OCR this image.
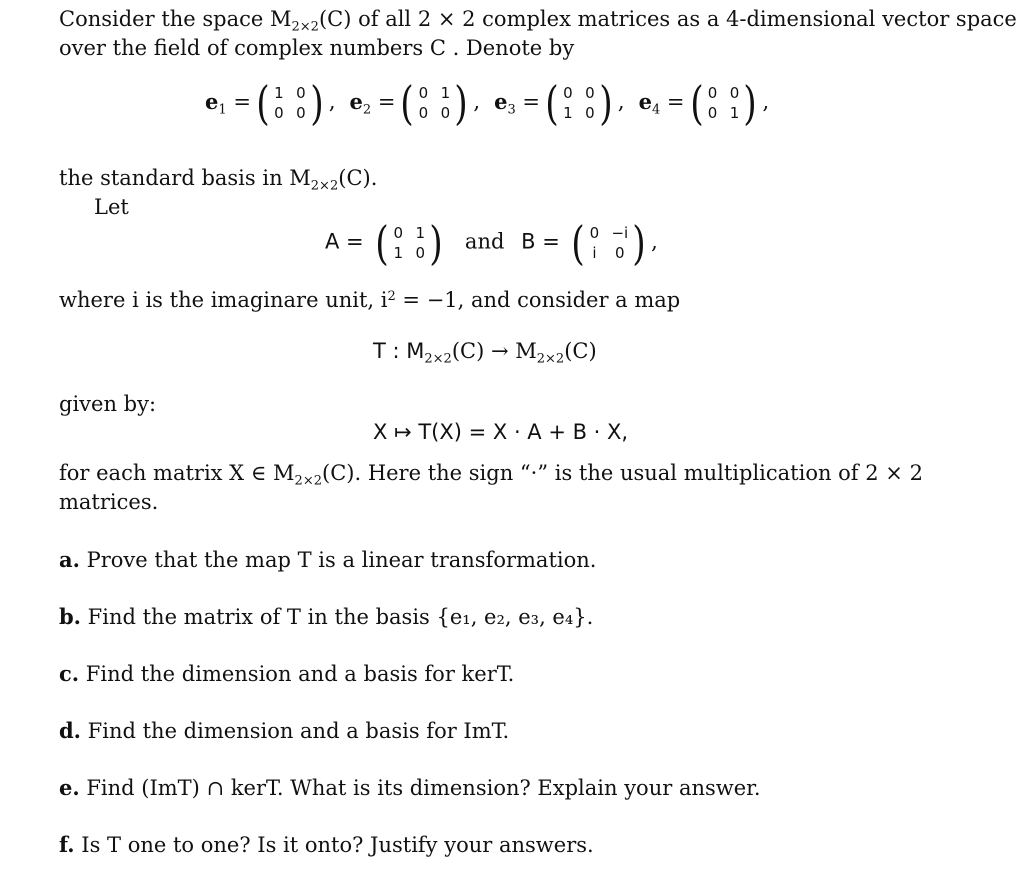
Consider the space $M_{2\times 2}(C)$ of all 2 × 2 complex matrices as a 4-dimensional vector space
over the field of complex numbers C . Denote by
$e_1$ = ( 1 0
0 0 ) , $e_2$ = ( 0 1
0 0 ) , $e_3$ = ( 0 0
1 0 ) , $e_4$ = ( 0 0
0 1 ) ,
the standard basis in $M_{2\times 2}(C)$.
Let
A = ( 0 1
1 0 ) and B = ( 0 −i
i 0 ) ,
where i is the imaginare unit, $i^2 = -1$, and consider a map
T : $M_{2\times 2}(C) \to M_{2\times 2}(C)$
given by:
X ↦ T(X) = X · A + B · X,
for each matrix X ∈ $M_{2\times 2}(C)$. Here the sign “·” is the usual multiplication of 2 × 2
matrices.
a. Prove that the map T is a linear transformation.
b. Find the matrix of T in the basis {e₁, e₂, e₃, e₄}.
c. Find the dimension and a basis for kerT.
d. Find the dimension and a basis for ImT.
e. Find (ImT) ∩ kerT. What is its dimension? Explain your answer.
f. Is T one to one? Is it onto? Justify your answers.
